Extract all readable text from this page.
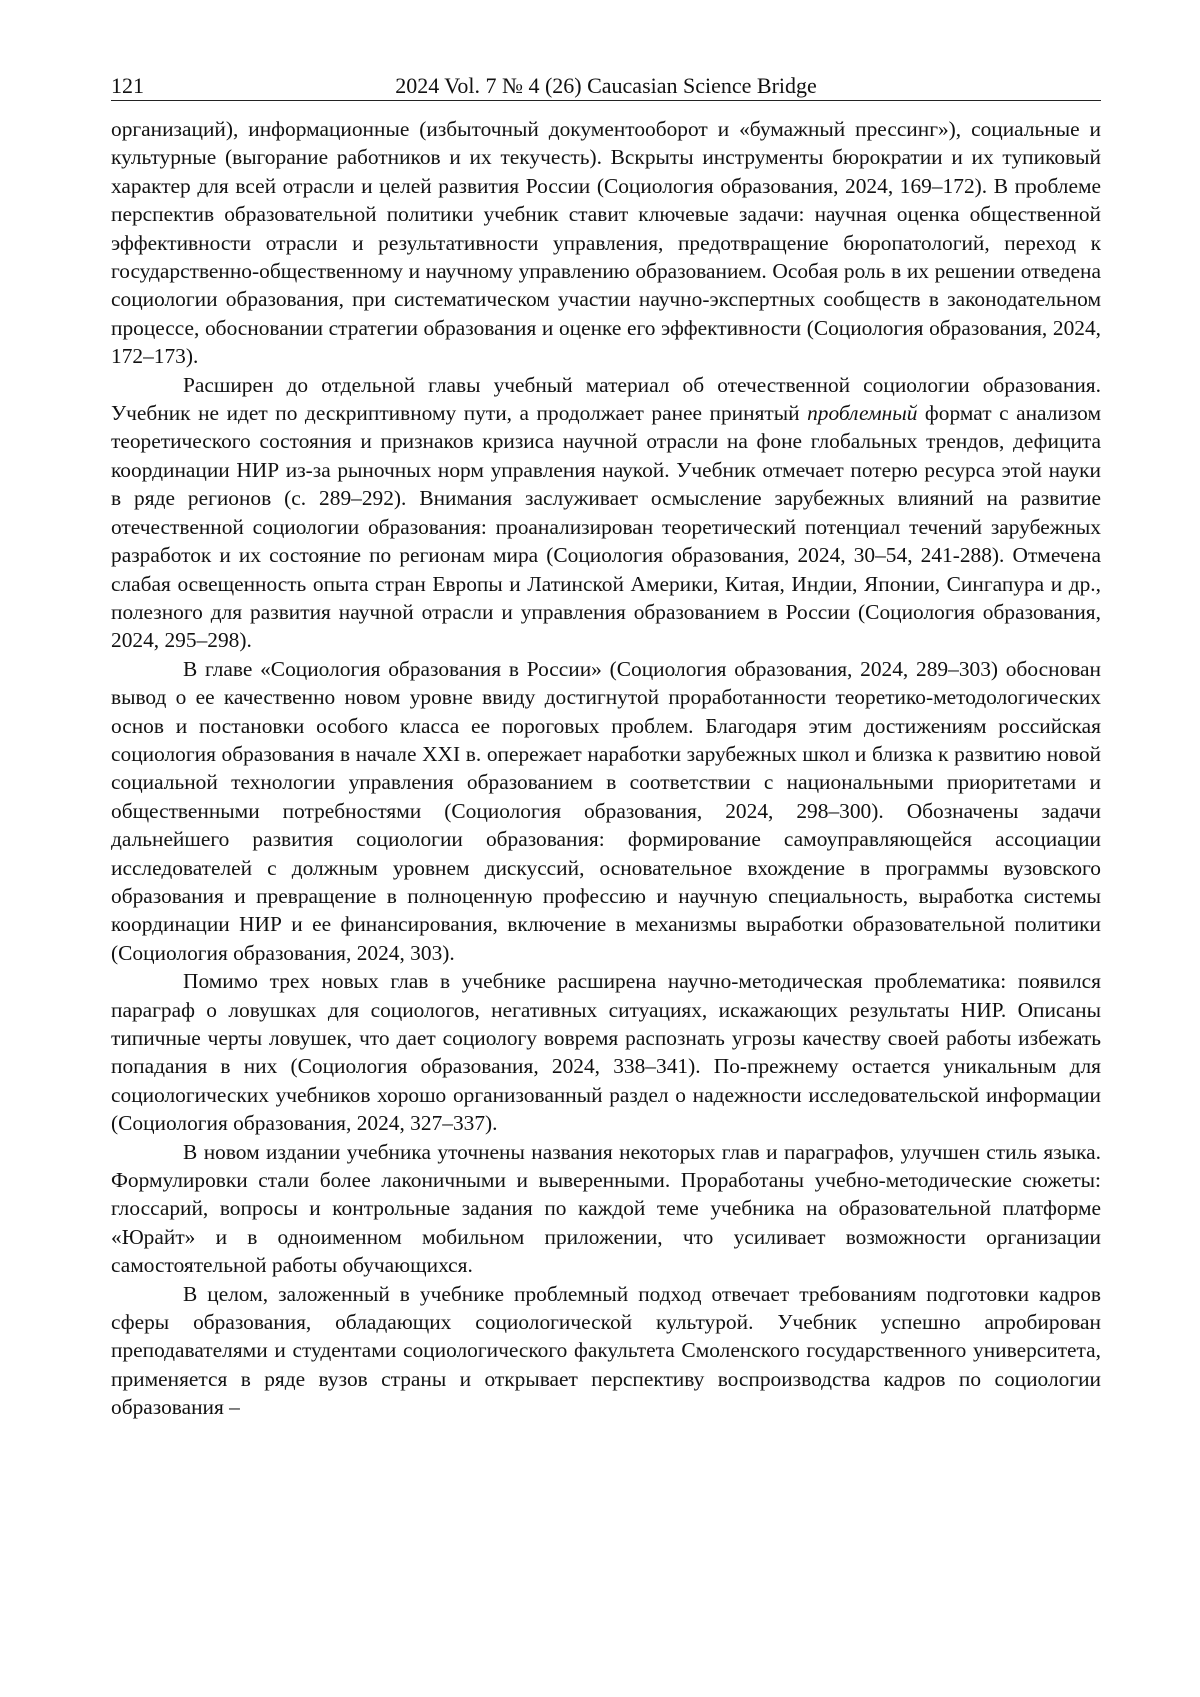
121	2024 Vol. 7 № 4 (26) Caucasian Science Bridge

организаций), информационные (избыточный документооборот и «бумажный прессинг»), социальные и культурные (выгорание работников и их текучесть). Вскрыты инструменты бюрократии и их тупиковый характер для всей отрасли и целей развития России (Социология образования, 2024, 169–172). В проблеме перспектив образовательной политики учебник ставит ключевые задачи: научная оценка общественной эффективности отрасли и результативности управления, предотвращение бюропатологий, переход к государственно-общественному и научному управлению образованием. Особая роль в их решении отведена социологии образования, при систематическом участии научно-экспертных сообществ в законодательном процессе, обосновании стратегии образования и оценке его эффективности (Социология образования, 2024, 172–173).

Расширен до отдельной главы учебный материал об отечественной социологии образования. Учебник не идет по дескриптивному пути, а продолжает ранее принятый проблемный формат с анализом теоретического состояния и признаков кризиса научной отрасли на фоне глобальных трендов, дефицита координации НИР из-за рыночных норм управления наукой. Учебник отмечает потерю ресурса этой науки в ряде регионов (с. 289–292). Внимания заслуживает осмысление зарубежных влияний на развитие отечественной социологии образования: проанализирован теоретический потенциал течений зарубежных разработок и их состояние по регионам мира (Социология образования, 2024, 30–54, 241-288). Отмечена слабая освещенность опыта стран Европы и Латинской Америки, Китая, Индии, Японии, Сингапура и др., полезного для развития научной отрасли и управления образованием в России (Социология образования, 2024, 295–298).

В главе «Социология образования в России» (Социология образования, 2024, 289–303) обоснован вывод о ее качественно новом уровне ввиду достигнутой проработанности теоретико-методологических основ и постановки особого класса ее пороговых проблем. Благодаря этим достижениям российская социология образования в начале XXI в. опережает наработки зарубежных школ и близка к развитию новой социальной технологии управления образованием в соответствии с национальными приоритетами и общественными потребностями (Социология образования, 2024, 298–300). Обозначены задачи дальнейшего развития социологии образования: формирование самоуправляющейся ассоциации исследователей с должным уровнем дискуссий, основательное вхождение в программы вузовского образования и превращение в полноценную профессию и научную специальность, выработка системы координации НИР и ее финансирования, включение в механизмы выработки образовательной политики (Социология образования, 2024, 303).

Помимо трех новых глав в учебнике расширена научно-методическая проблематика: появился параграф о ловушках для социологов, негативных ситуациях, искажающих результаты НИР. Описаны типичные черты ловушек, что дает социологу вовремя распознать угрозы качеству своей работы избежать попадания в них (Социология образования, 2024, 338–341). По-прежнему остается уникальным для социологических учебников хорошо организованный раздел о надежности исследовательской информации (Социология образования, 2024, 327–337).

В новом издании учебника уточнены названия некоторых глав и параграфов, улучшен стиль языка. Формулировки стали более лаконичными и выверенными. Проработаны учебно-методические сюжеты: глоссарий, вопросы и контрольные задания по каждой теме учебника на образовательной платформе «Юрайт» и в одноименном мобильном приложении, что усиливает возможности организации самостоятельной работы обучающихся.

В целом, заложенный в учебнике проблемный подход отвечает требованиям подготовки кадров сферы образования, обладающих социологической культурой. Учебник успешно апробирован преподавателями и студентами социологического факультета Смоленского государственного университета, применяется в ряде вузов страны и открывает перспективу воспроизводства кадров по социологии образования –
